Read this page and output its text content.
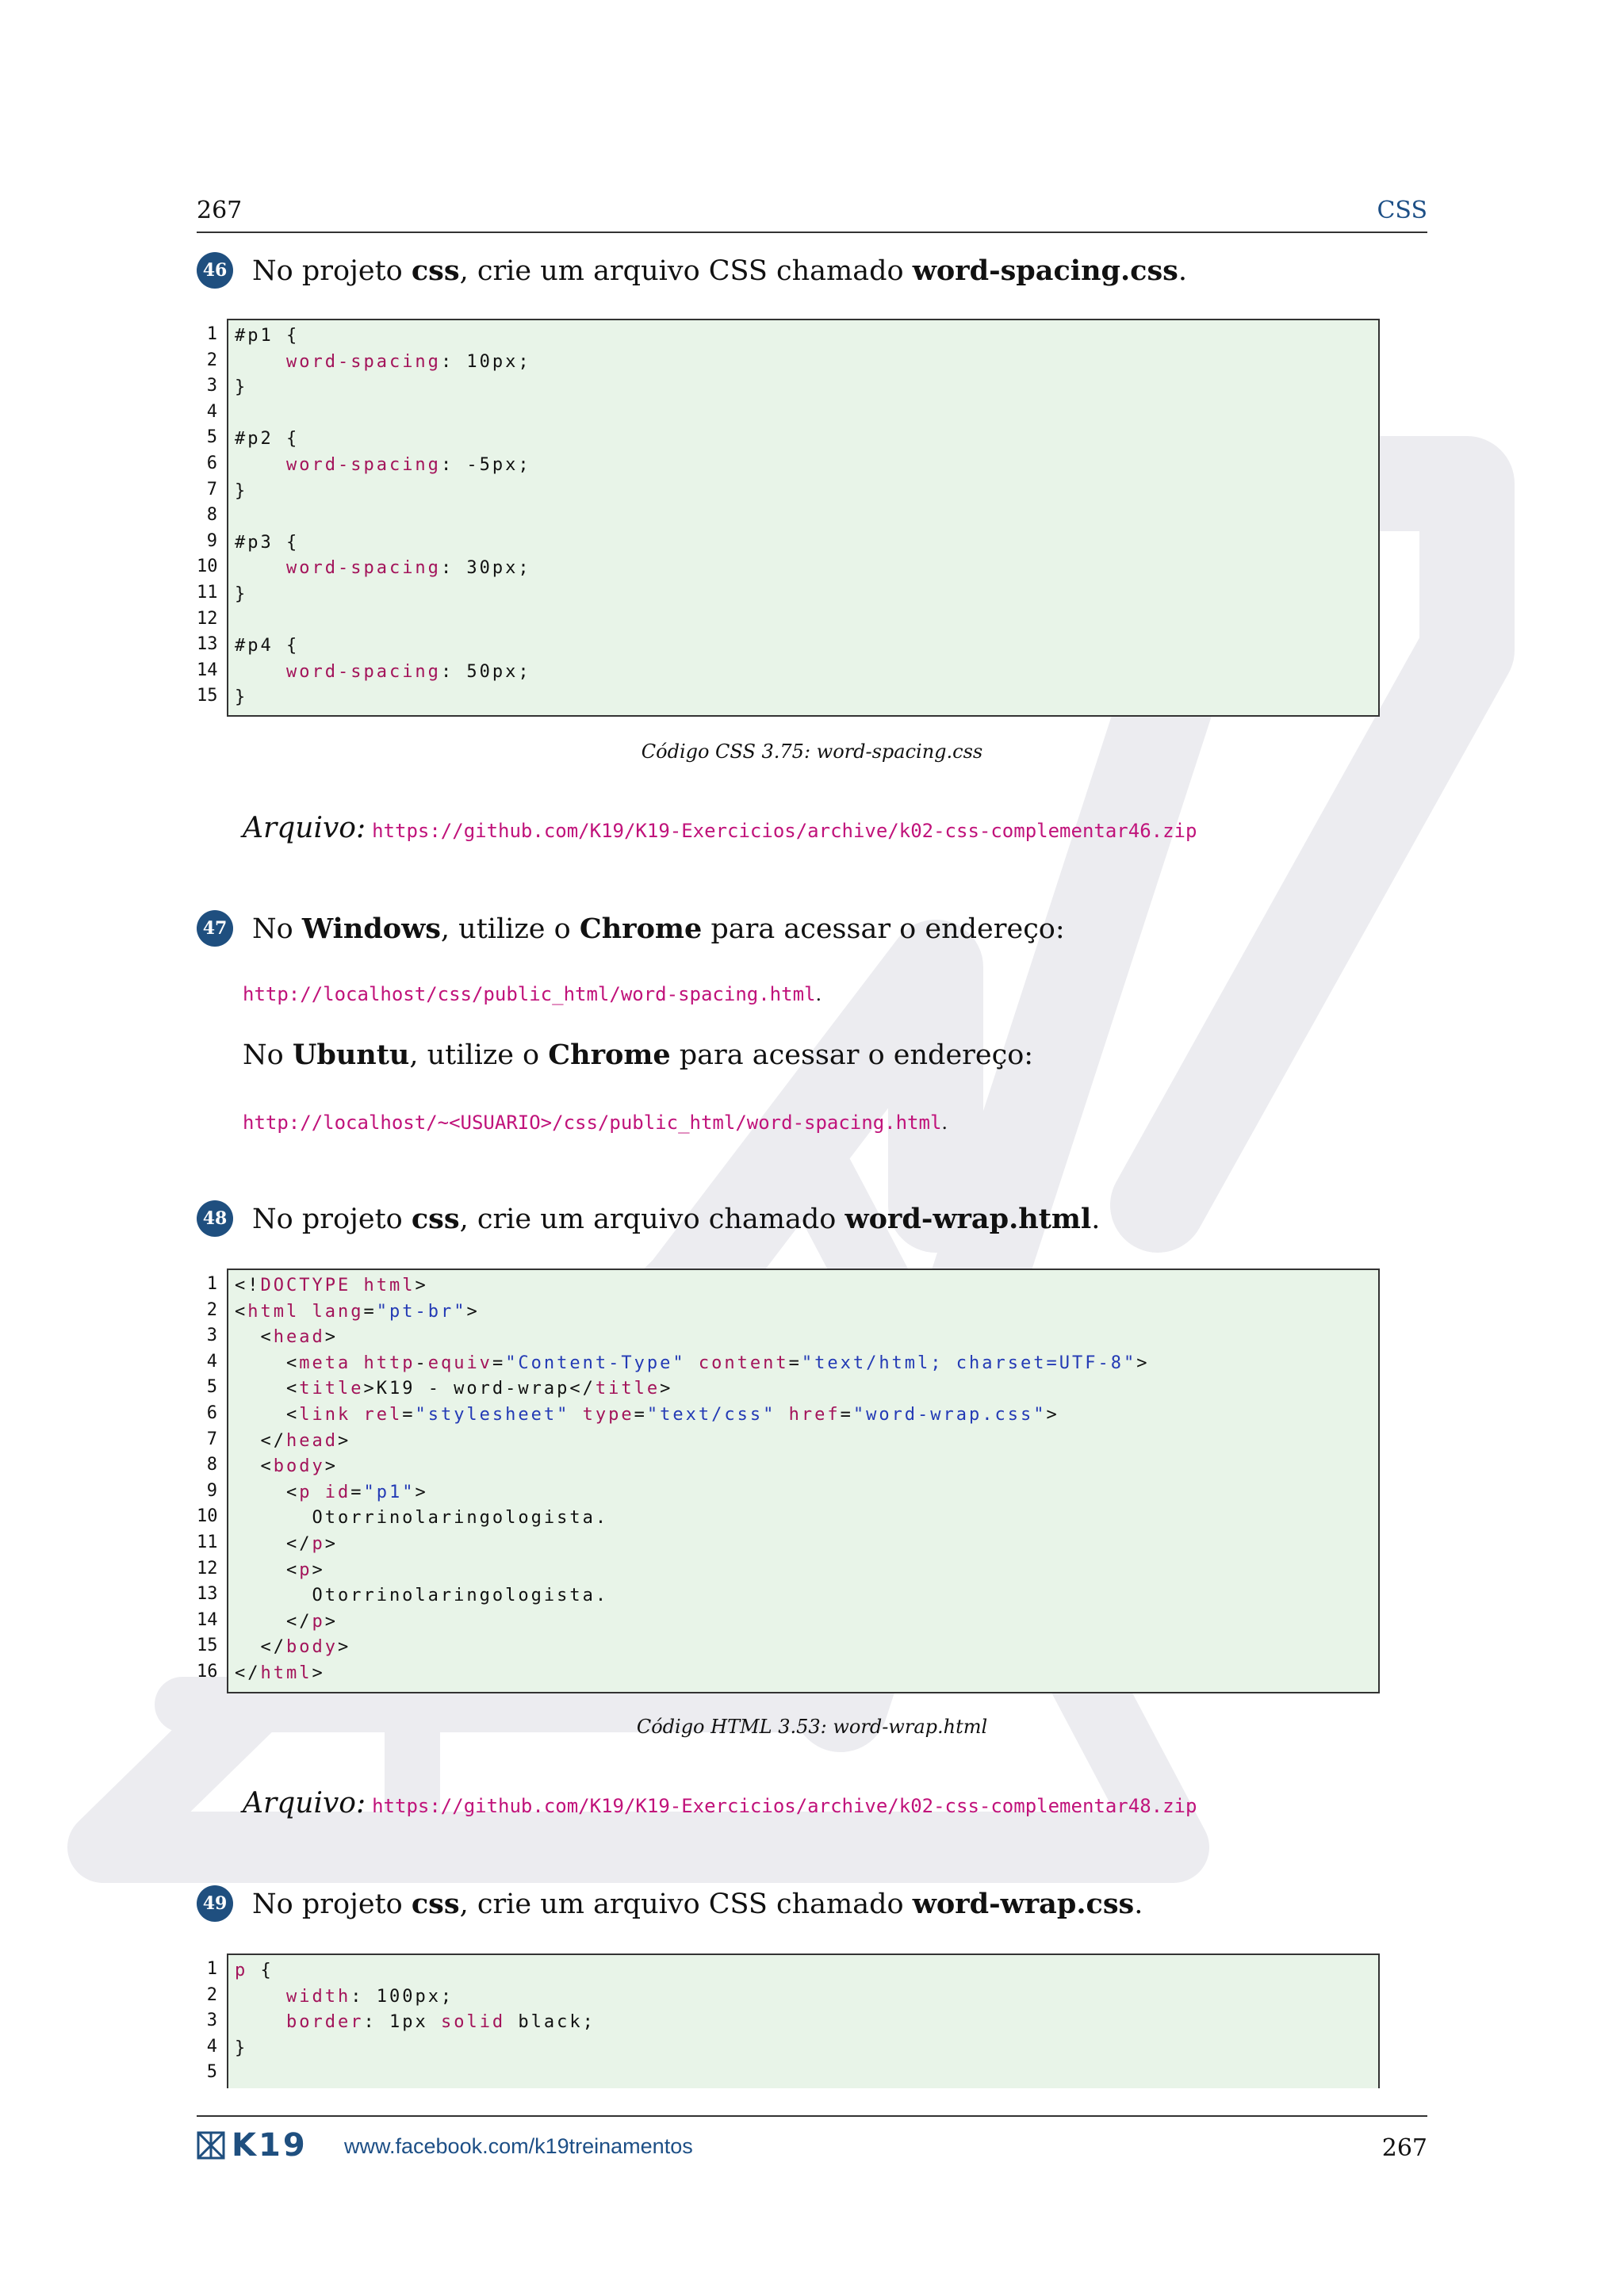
267	CSS
46 No projeto css, crie um arquivo CSS chamado word-spacing.css.
1
2
3
4
5
6
7
8
9
10
11
12
13
14
15
#p1 {
word-spacing: 10px;
}
#p2 {
word-spacing: -5px;
}
#p3 {
word-spacing: 30px;
}
#p4 {
word-spacing: 50px;
}
Código CSS 3.75: word-spacing.css
Arquivo: https://github.com/K19/K19-Exercicios/archive/k02-css-complementar46.zip
47 No Windows, utilize o Chrome para acessar o endereço:
http://localhost/css/public_html/word-spacing.html.
No Ubuntu, utilize o Chrome para acessar o endereço:
http://localhost/~<USUARIO>/css/public_html/word-spacing.html.
48 No projeto css, crie um arquivo chamado word-wrap.html.
1
2
3
4
5
6
7
8
9
10
11
12
13
14
15
16
<!DOCTYPE html>
<html lang="pt-br">
<head>
<meta http-equiv="Content-Type" content="text/html; charset=UTF-8">
<title>K19 - word-wrap</title>
<link rel="stylesheet" type="text/css" href="word-wrap.css">
</head>
<body>
<p id="p1">
Otorrinolaringologista.
</p>
<p>
Otorrinolaringologista.
</p>
</body>
</html>
Código HTML 3.53: word-wrap.html
Arquivo: https://github.com/K19/K19-Exercicios/archive/k02-css-complementar48.zip
49 No projeto css, crie um arquivo CSS chamado word-wrap.css.
1
2
3
4
5
p {
width: 100px;
border: 1px solid black;
}
K19 www.facebook.com/k19treinamentos	267
